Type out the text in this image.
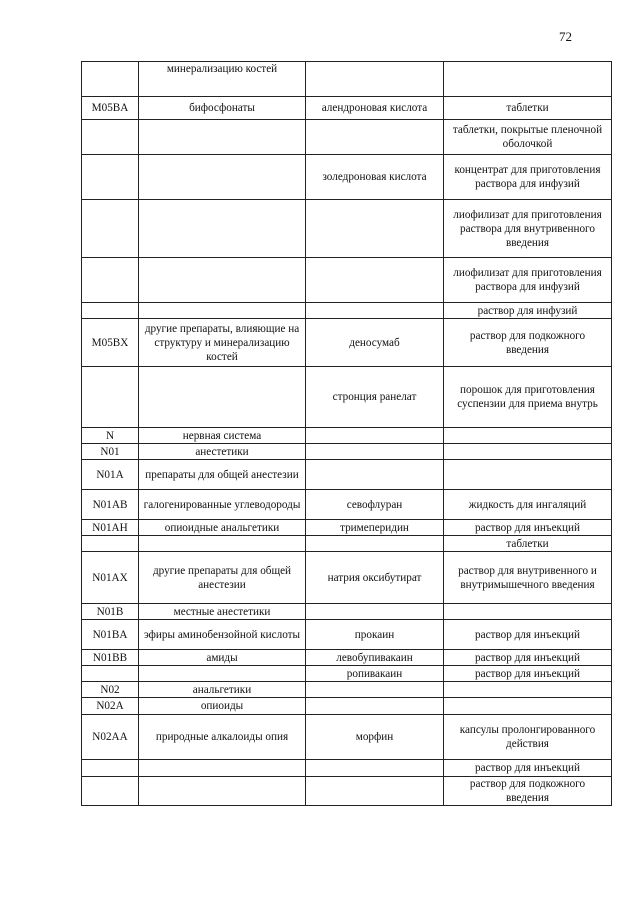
72
	минерализацию костей		
M05BA	бифосфонаты	алендроновая кислота	таблетки
			таблетки, покрытые пленочной оболочкой
		золедроновая кислота	концентрат для приготовления раствора для инфузий
			лиофилизат для приготовления раствора для внутривенного введения
			лиофилизат для приготовления раствора для инфузий
			раствор для инфузий
M05BX	другие препараты, влияющие на структуру и минерализацию костей	деносумаб	раствор для подкожного введения
		стронция ранелат	порошок для приготовления суспензии для приема внутрь
N	нервная система		
N01	анестетики		
N01A	препараты для общей анестезии		
N01AB	галогенированные углеводороды	севофлуран	жидкость для ингаляций
N01AH	опиоидные анальгетики	тримеперидин	раствор для инъекций
			таблетки
N01AX	другие препараты для общей анестезии	натрия оксибутират	раствор для внутривенного и внутримышечного введения
N01B	местные анестетики		
N01BA	эфиры аминобензойной кислоты	прокаин	раствор для инъекций
N01BB	амиды	левобупивакаин	раствор для инъекций
		ропивакаин	раствор для инъекций
N02	анальгетики		
N02A	опиоиды		
N02AA	природные алкалоиды опия	морфин	капсулы пролонгированного действия
			раствор для инъекций
			раствор для подкожного введения
